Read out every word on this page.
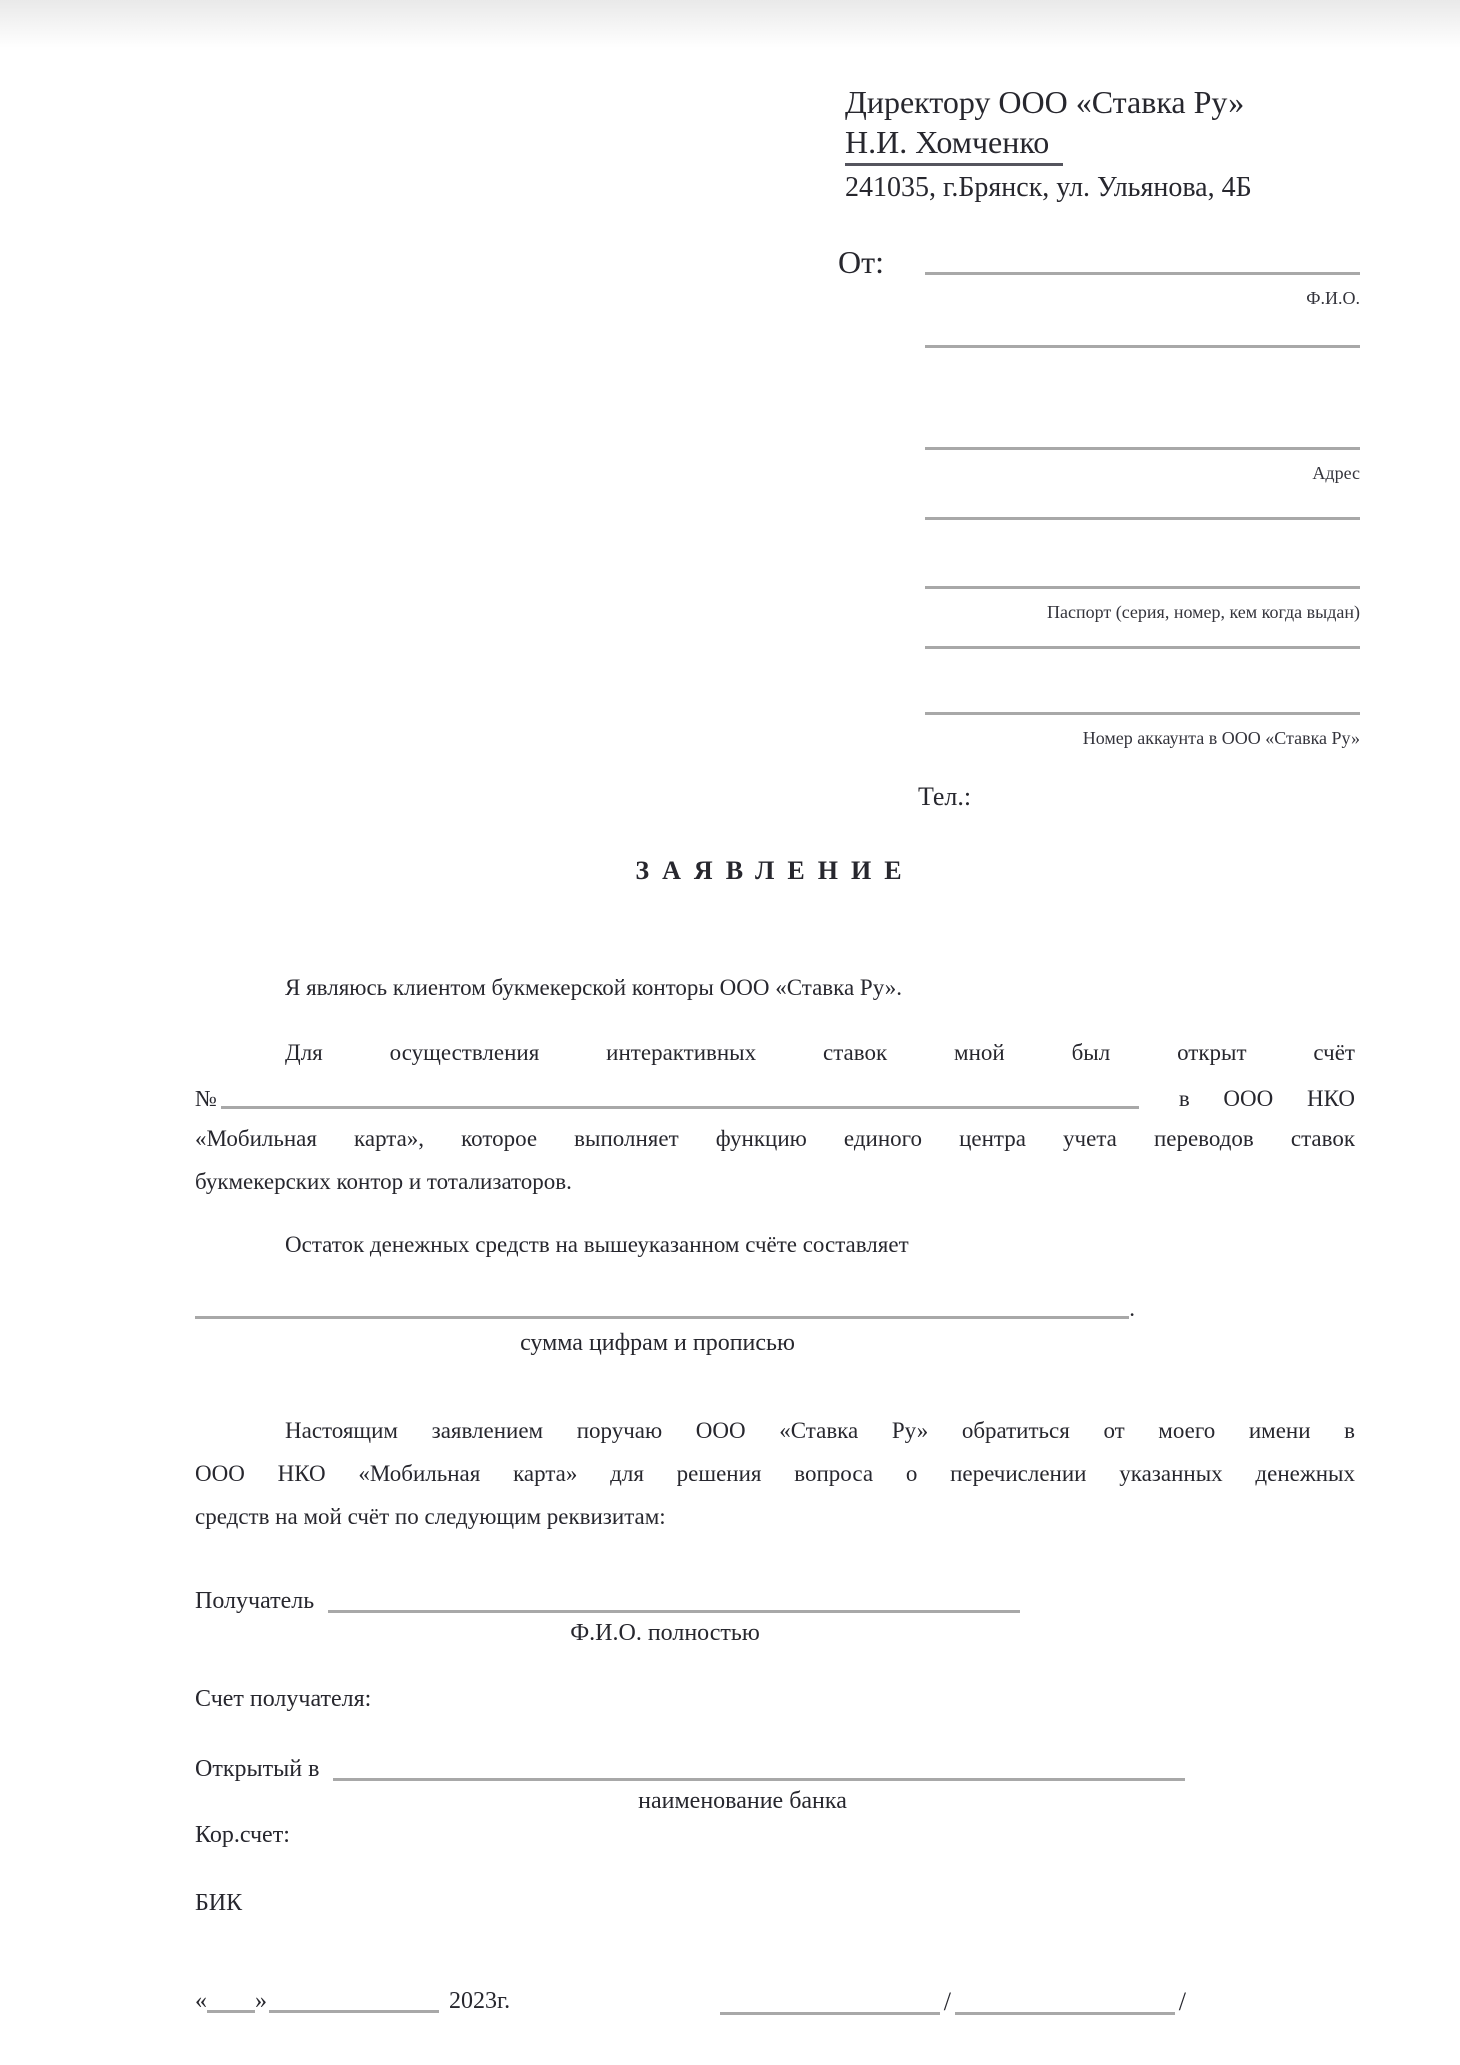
Директору ООО «Ставка Ру»
Н.И. Хомченко
241035, г.Брянск, ул. Ульянова, 4Б
От:
Ф.И.О.
Адрес
Паспорт (серия, номер, кем когда выдан)
Номер аккаунта в ООО «Ставка Ру»
Тел.:
ЗАЯВЛЕНИЕ
Я являюсь клиентом букмекерской конторы ООО «Ставка Ру».
Для осуществления интерактивных ставок мной был открыт счёт
№	в ООО НКО
«Мобильная карта», которое выполняет функцию единого центра учета переводов ставок
букмекерских контор и тотализаторов.
Остаток денежных средств на вышеуказанном счёте составляет
.
сумма цифрам и прописью
Настоящим заявлением поручаю ООО «Ставка Ру» обратиться от моего имени в
ООО НКО «Мобильная карта» для решения вопроса о перечислении указанных денежных
средств на мой счёт по следующим реквизитам:
Получатель
Ф.И.О. полностью
Счет получателя:
Открытый в
наименование банка
Кор.счет:
БИК
« »	2023г.	/	/
